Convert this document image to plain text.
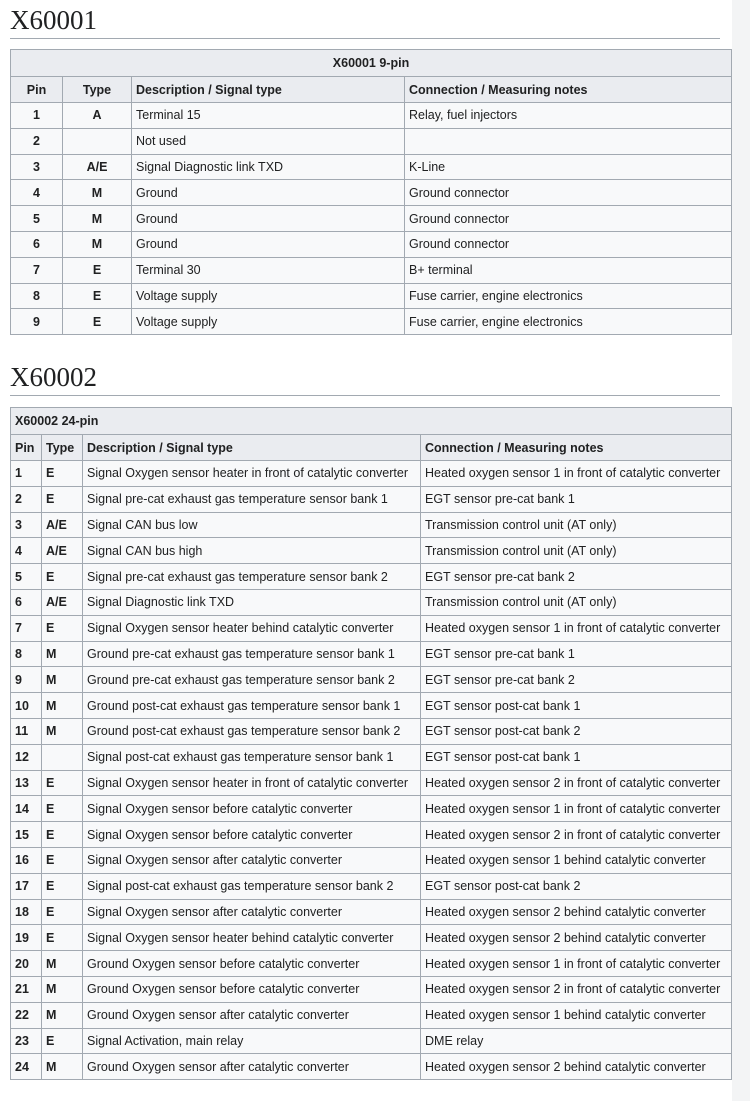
X60001
X60001 9-pin			
Pin	Type	Description / Signal type	Connection / Measuring notes
1	A	Terminal 15	Relay, fuel injectors
2		Not used	
3	A/E	Signal Diagnostic link TXD	K-Line
4	M	Ground	Ground connector
5	M	Ground	Ground connector
6	M	Ground	Ground connector
7	E	Terminal 30	B+ terminal
8	E	Voltage supply	Fuse carrier, engine electronics
9	E	Voltage supply	Fuse carrier, engine electronics
X60002
X60002 24-pin			
Pin	Type	Description / Signal type	Connection / Measuring notes
1	E	Signal Oxygen sensor heater in front of catalytic converter	Heated oxygen sensor 1 in front of catalytic converter
2	E	Signal pre-cat exhaust gas temperature sensor bank 1	EGT sensor pre-cat bank 1
3	A/E	Signal CAN bus low	Transmission control unit (AT only)
4	A/E	Signal CAN bus high	Transmission control unit (AT only)
5	E	Signal pre-cat exhaust gas temperature sensor bank 2	EGT sensor pre-cat bank 2
6	A/E	Signal Diagnostic link TXD	Transmission control unit (AT only)
7	E	Signal Oxygen sensor heater behind catalytic converter	Heated oxygen sensor 1 in front of catalytic converter
8	M	Ground pre-cat exhaust gas temperature sensor bank 1	EGT sensor pre-cat bank 1
9	M	Ground pre-cat exhaust gas temperature sensor bank 2	EGT sensor pre-cat bank 2
10	M	Ground post-cat exhaust gas temperature sensor bank 1	EGT sensor post-cat bank 1
11	M	Ground post-cat exhaust gas temperature sensor bank 2	EGT sensor post-cat bank 2
12		Signal post-cat exhaust gas temperature sensor bank 1	EGT sensor post-cat bank 1
13	E	Signal Oxygen sensor heater in front of catalytic converter	Heated oxygen sensor 2 in front of catalytic converter
14	E	Signal Oxygen sensor before catalytic converter	Heated oxygen sensor 1 in front of catalytic converter
15	E	Signal Oxygen sensor before catalytic converter	Heated oxygen sensor 2 in front of catalytic converter
16	E	Signal Oxygen sensor after catalytic converter	Heated oxygen sensor 1 behind catalytic converter
17	E	Signal post-cat exhaust gas temperature sensor bank 2	EGT sensor post-cat bank 2
18	E	Signal Oxygen sensor after catalytic converter	Heated oxygen sensor 2 behind catalytic converter
19	E	Signal Oxygen sensor heater behind catalytic converter	Heated oxygen sensor 2 behind catalytic converter
20	M	Ground Oxygen sensor before catalytic converter	Heated oxygen sensor 1 in front of catalytic converter
21	M	Ground Oxygen sensor before catalytic converter	Heated oxygen sensor 2 in front of catalytic converter
22	M	Ground Oxygen sensor after catalytic converter	Heated oxygen sensor 1 behind catalytic converter
23	E	Signal Activation, main relay	DME relay
24	M	Ground Oxygen sensor after catalytic converter	Heated oxygen sensor 2 behind catalytic converter
